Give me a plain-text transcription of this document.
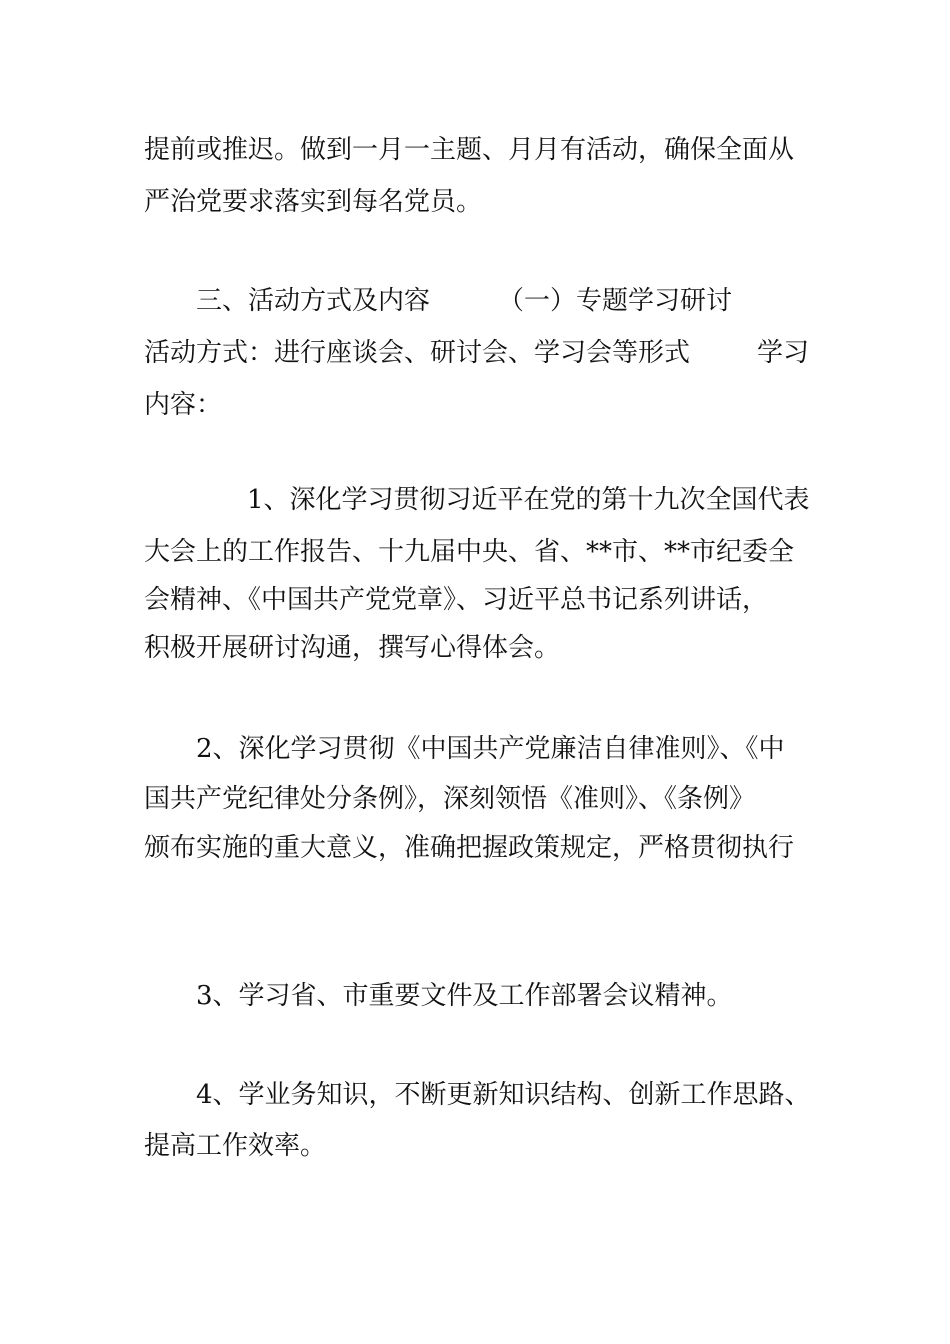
提前或推迟。做到一月一主题、月月有活动，确保全面从
严治党要求落实到每名党员。
三、活动方式及内容	（一）专题学习研讨
活动方式：进行座谈会、研讨会、学习会等形式	学习
内容：
1、深化学习贯彻习近平在党的第十九次全国代表
大会上的工作报告、十九届中央、省、**市、**市纪委全
会精神、《中国共产党党章》、习近平总书记系列讲话，
积极开展研讨沟通，撰写心得体会。
2、深化学习贯彻《中国共产党廉洁自律准则》、《中
国共产党纪律处分条例》，深刻领悟《准则》、《条例》
颁布实施的重大意义，准确把握政策规定，严格贯彻执行
3、学习省、市重要文件及工作部署会议精神。
4、学业务知识，不断更新知识结构、创新工作思路、
提高工作效率。
